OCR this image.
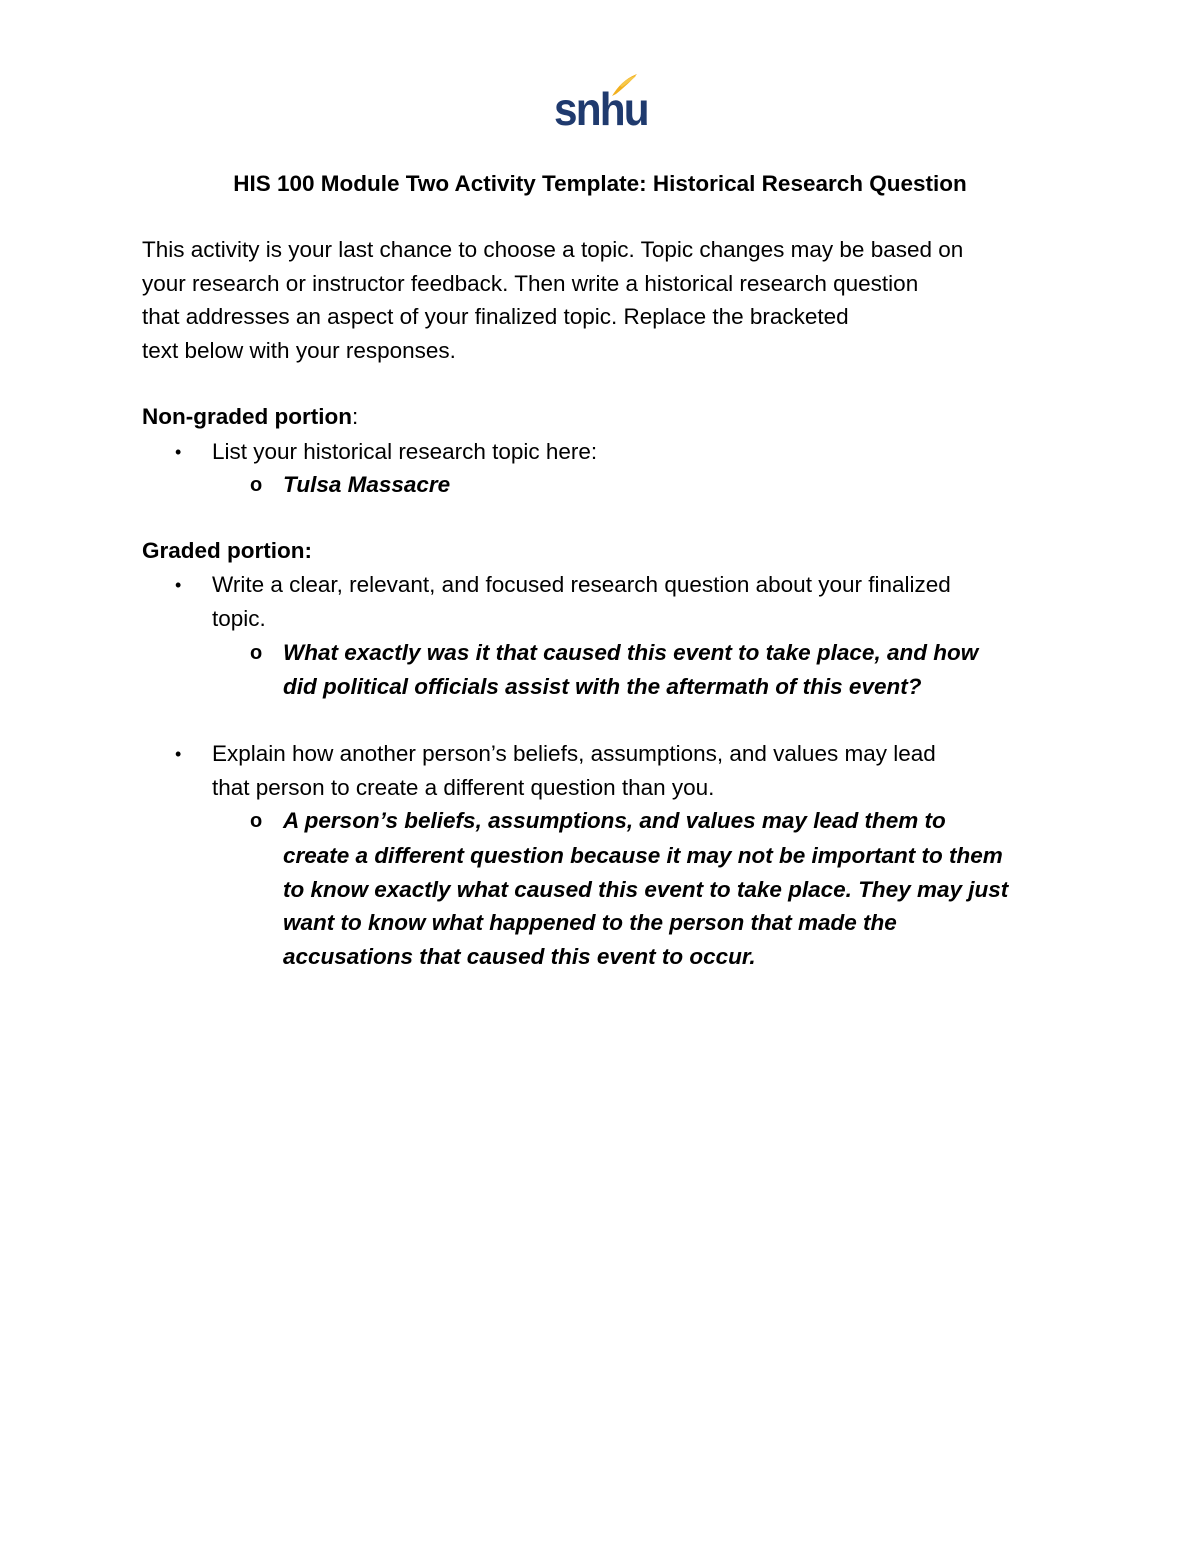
snhu
HIS 100 Module Two Activity Template: Historical Research Question
This activity is your last chance to choose a topic. Topic changes may be based on
your research or instructor feedback. Then write a historical research question
that addresses an aspect of your finalized topic. Replace the bracketed
text below with your responses.
Non-graded portion:
• List your historical research topic here:
o Tulsa Massacre
Graded portion:
• Write a clear, relevant, and focused research question about your finalized
topic.
o What exactly was it that caused this event to take place, and how
did political officials assist with the aftermath of this event?
• Explain how another person’s beliefs, assumptions, and values may lead
that person to create a different question than you.
o A person’s beliefs, assumptions, and values may lead them to
create a different question because it may not be important to them
to know exactly what caused this event to take place. They may just
want to know what happened to the person that made the
accusations that caused this event to occur.
